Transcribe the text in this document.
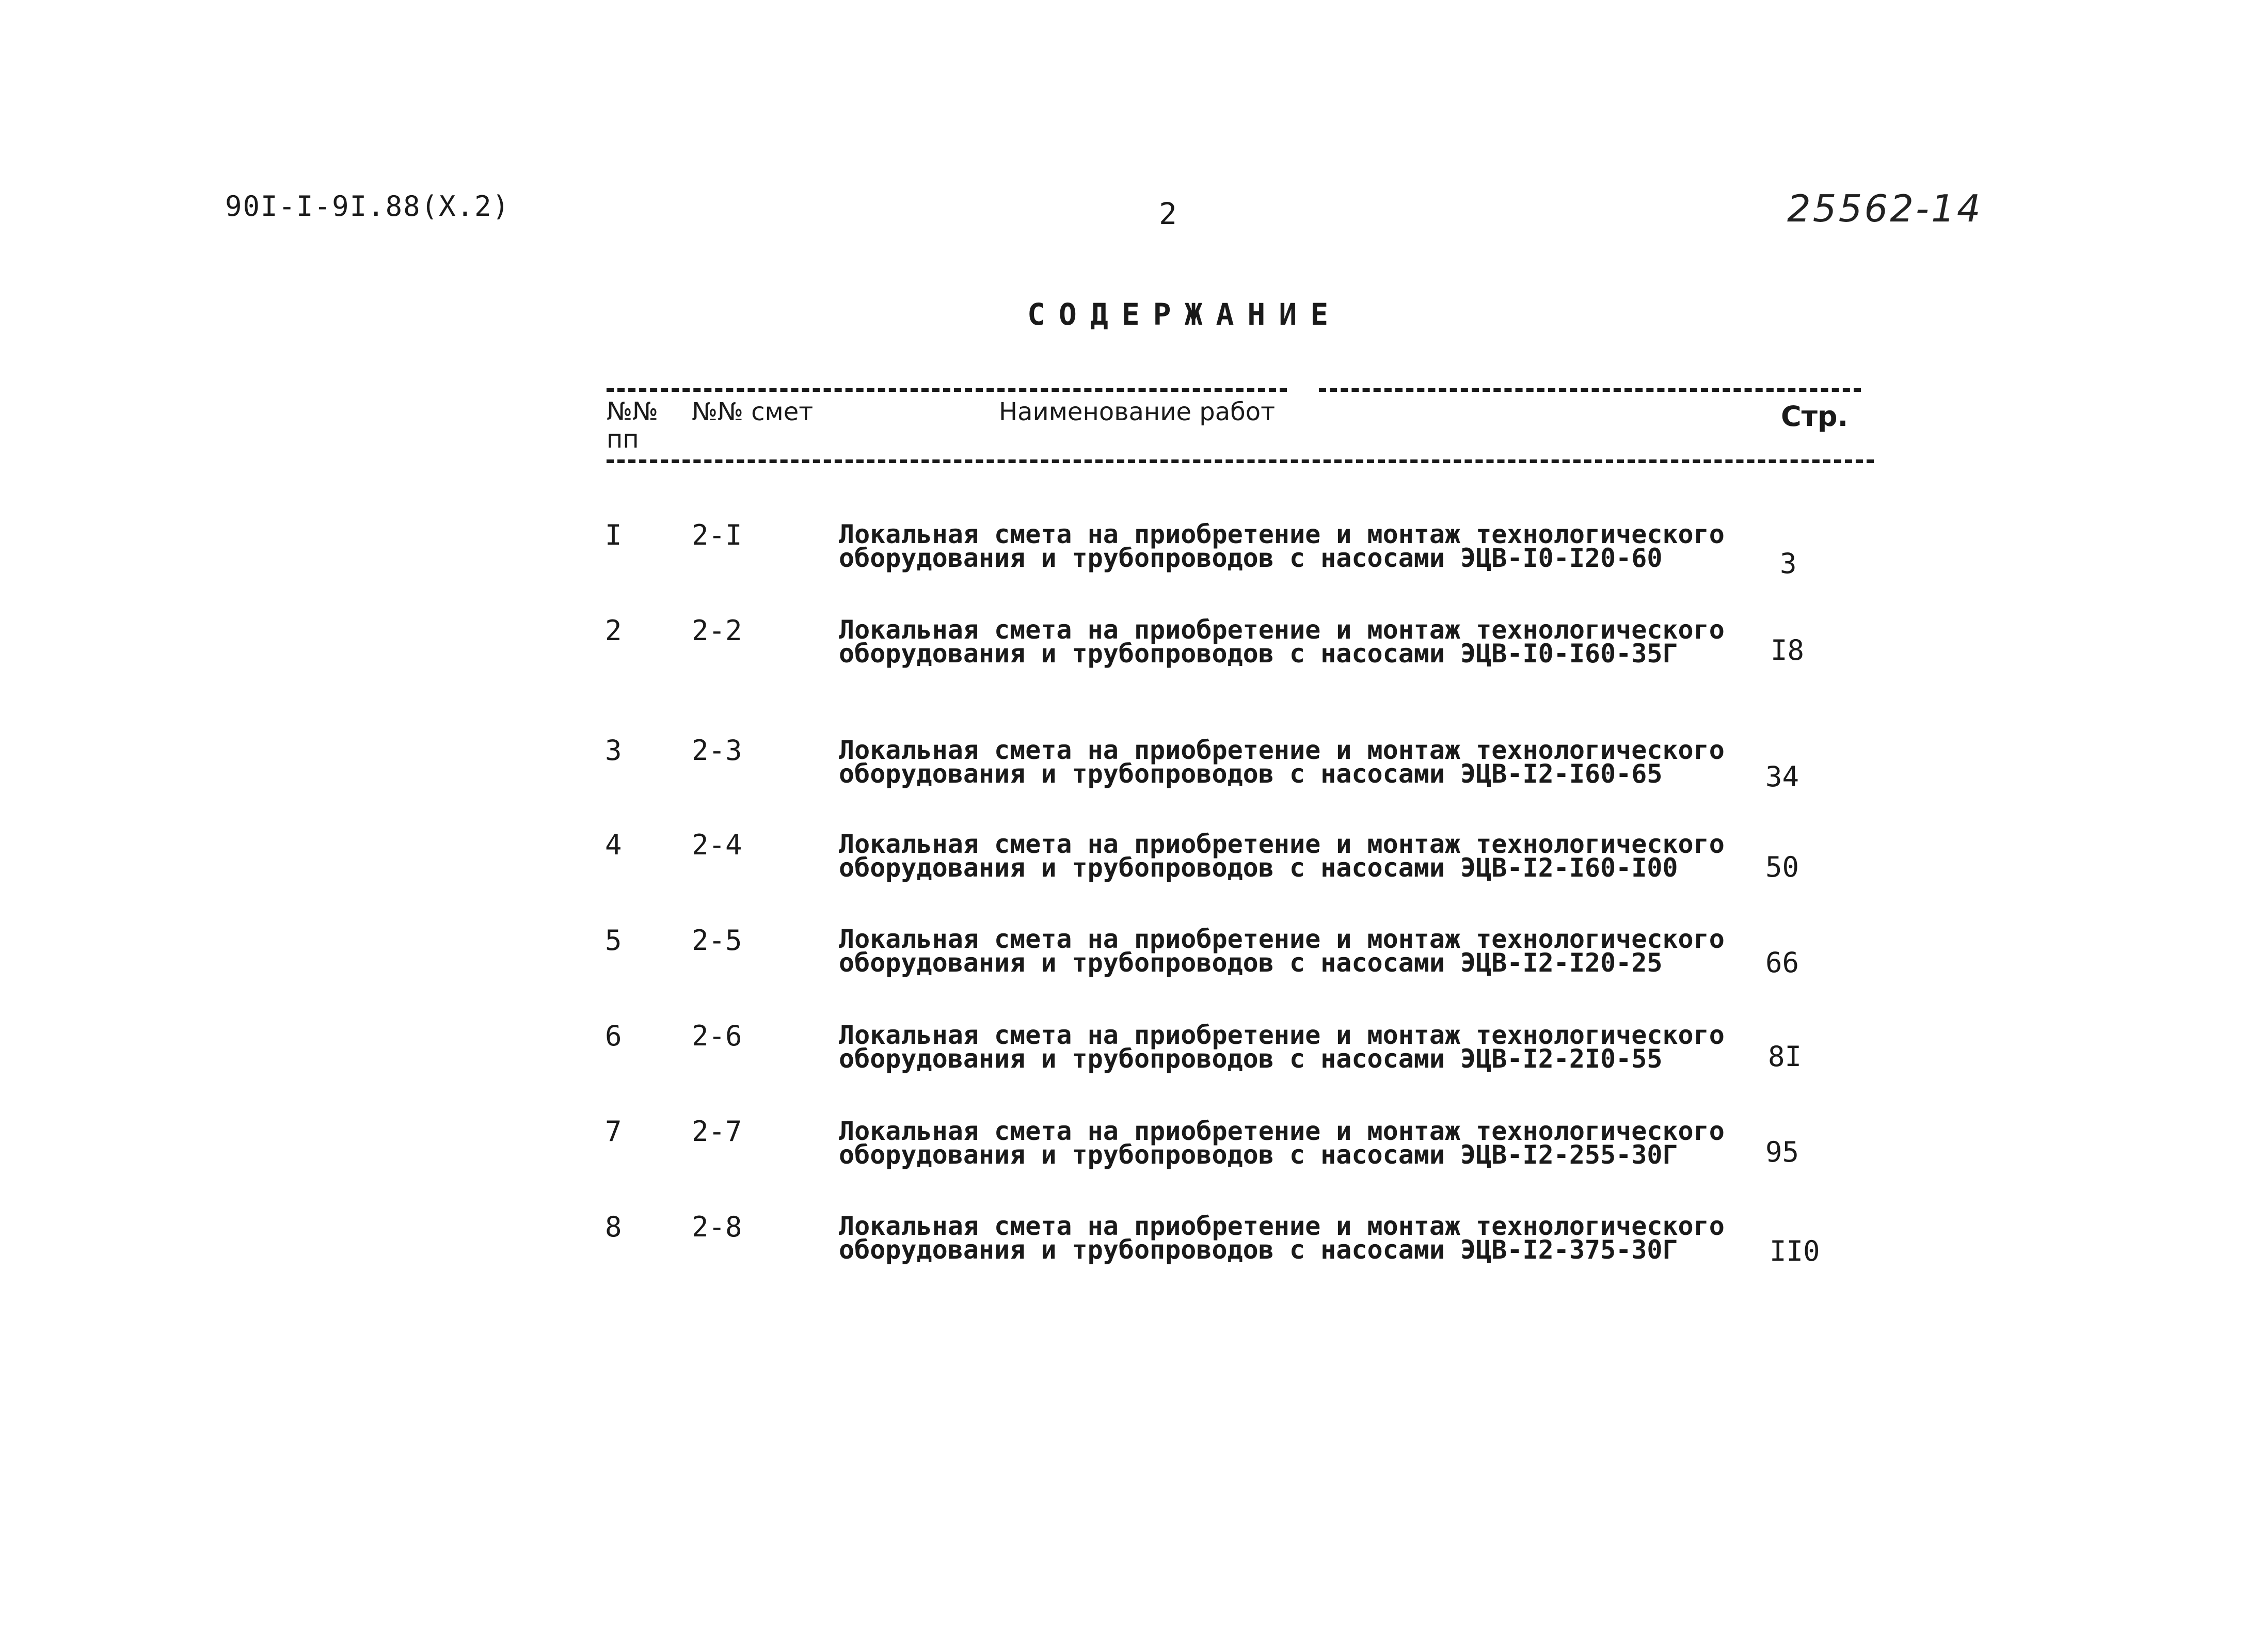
90I-I-9I.88(X.2)	2	25562-14
СОДЕРЖАНИЕ
№№
пп
№№ смет	Наименование работ	Стр.
I	2-I	Локальная смета на приобретение и монтаж технологического
оборудования и трубопроводов с насосами ЭЦВ-I0-I20-60	3
2	2-2	Локальная смета на приобретение и монтаж технологического
оборудования и трубопроводов с насосами ЭЦВ-I0-I60-35Г	I8
3	2-3	Локальная смета на приобретение и монтаж технологического
оборудования и трубопроводов с насосами ЭЦВ-I2-I60-65	34
4	2-4	Локальная смета на приобретение и монтаж технологического
оборудования и трубопроводов с насосами ЭЦВ-I2-I60-I00	50
5	2-5	Локальная смета на приобретение и монтаж технологического
оборудования и трубопроводов с насосами ЭЦВ-I2-I20-25	66
6	2-6	Локальная смета на приобретение и монтаж технологического
оборудования и трубопроводов с насосами ЭЦВ-I2-2I0-55	8I
7	2-7	Локальная смета на приобретение и монтаж технологического
оборудования и трубопроводов с насосами ЭЦВ-I2-255-30Г	95
8	2-8	Локальная смета на приобретение и монтаж технологического
оборудования и трубопроводов с насосами ЭЦВ-I2-375-30Г	II0
